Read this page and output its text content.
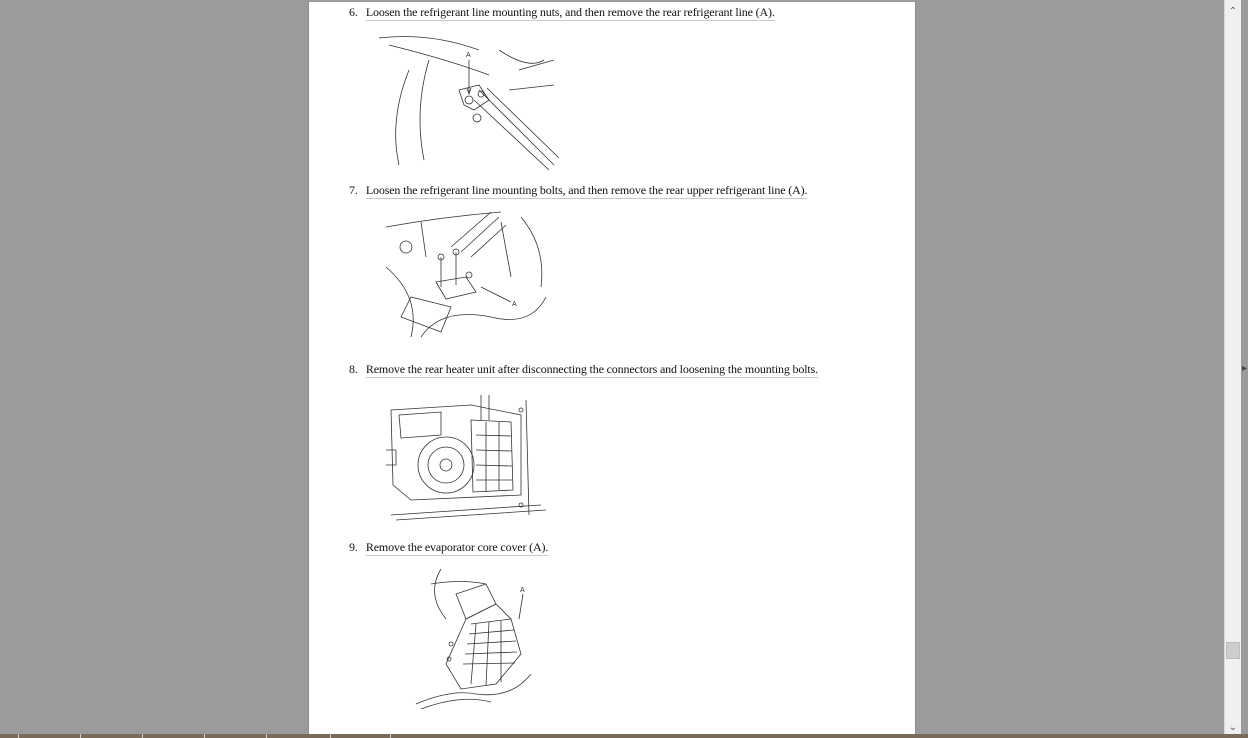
6. Loosen the refrigerant line mounting nuts, and then remove the rear refrigerant line (A).
A
7. Loosen the refrigerant line mounting bolts, and then remove the rear upper refrigerant line (A).
A
8. Remove the rear heater unit after disconnecting the connectors and loosening the mounting bolts.
9. Remove the evaporator core cover (A).
A
⌃
⌄
▸
